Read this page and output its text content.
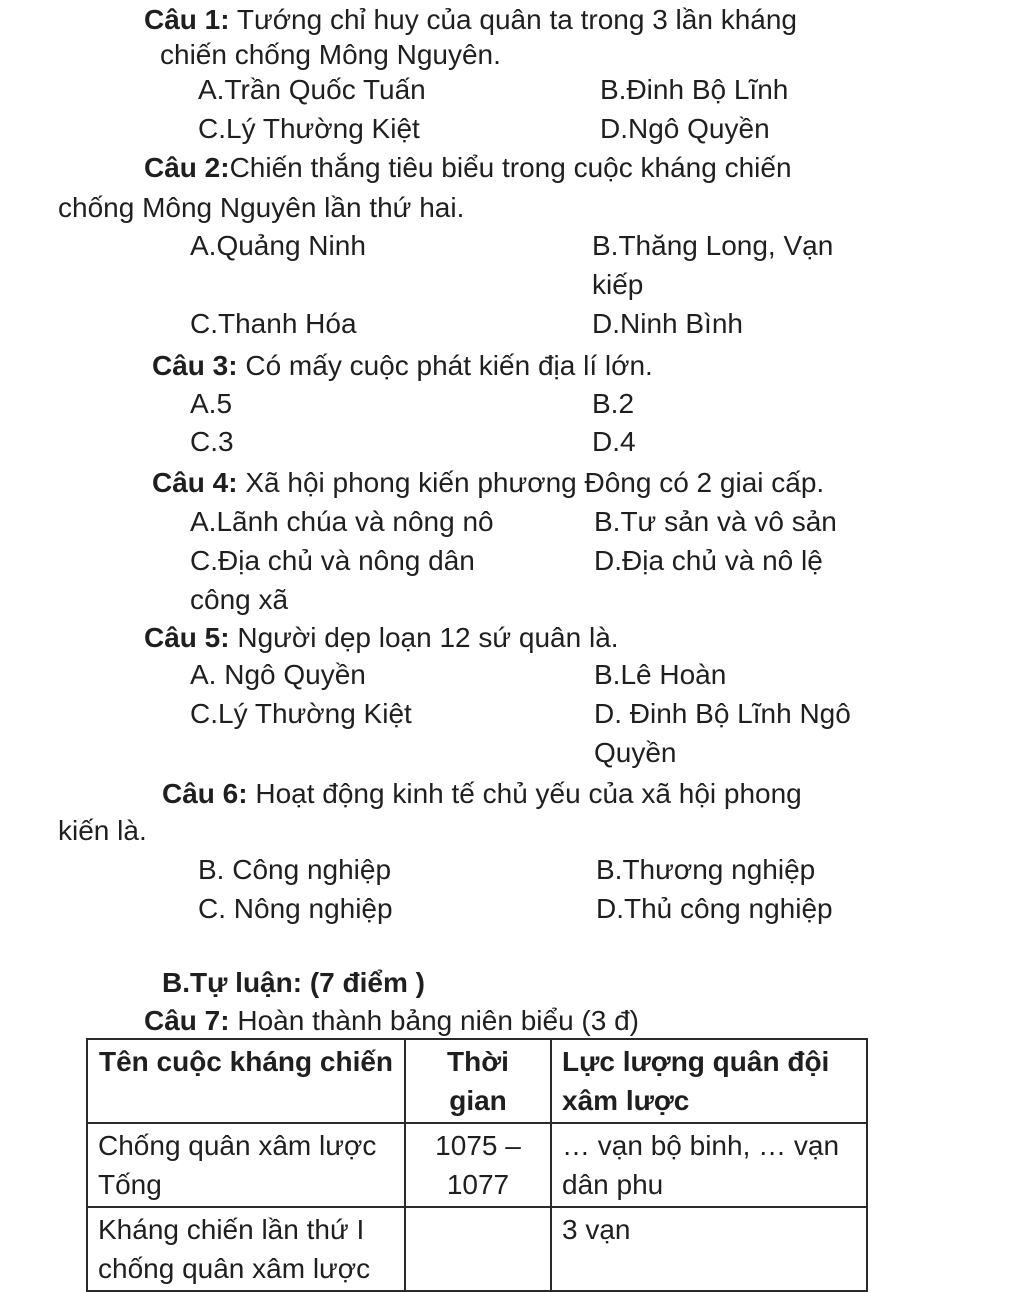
Câu 1: Tướng chỉ huy của quân ta trong 3 lần kháng
chiến chống Mông Nguyên.
A.Trần Quốc Tuấn	B.Đinh Bộ Lĩnh
C.Lý Thường Kiệt	D.Ngô Quyền
Câu 2:Chiến thắng tiêu biểu trong cuộc kháng chiến
chống Mông Nguyên lần thứ hai.
A.Quảng Ninh	B.Thăng Long, Vạn
kiếp
C.Thanh Hóa	D.Ninh Bình
Câu 3: Có mấy cuộc phát kiến địa lí lớn.
A.5	B.2
C.3	D.4
Câu 4: Xã hội phong kiến phương Đông có 2 giai cấp.
A.Lãnh chúa và nông nô	B.Tư sản và vô sản
C.Địa chủ và nông dân	D.Địa chủ và nô lệ
công xã
Câu 5: Người dẹp loạn 12 sứ quân là.
A. Ngô Quyền	B.Lê Hoàn
C.Lý Thường Kiệt	D. Đinh Bộ Lĩnh Ngô
Quyền
Câu 6: Hoạt động kinh tế chủ yếu của xã hội phong
kiến là.
B. Công nghiệp	B.Thương nghiệp
C. Nông nghiệp	D.Thủ công nghiệp
B.Tự luận: (7 điểm )
Câu 7: Hoàn thành bảng niên biểu (3 đ)
Tên cuộc kháng chiến	Thời gian	Lực lượng quân đội xâm lược
Chống quân xâm lược Tống	1075 – 1077	… vạn bộ binh, … vạn dân phu
Kháng chiến lần thứ I chống quân xâm lược		3 vạn
